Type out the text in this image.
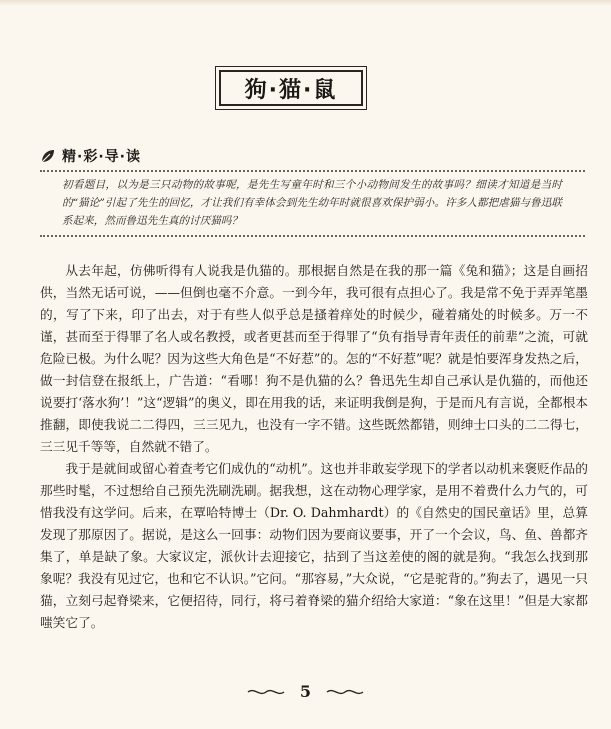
狗·猫·鼠
精·彩·导·读
初看题目，以为是三只动物的故事呢，是先生写童年时和三个小动物间发生的故事吗？细读才知道是当时的“猫论”引起了先生的回忆，才让我们有幸体会到先生幼年时就很喜欢保护弱小。许多人都把虐猫与鲁迅联系起来，然而鲁迅先生真的讨厌猫吗？

从去年起，仿佛听得有人说我是仇猫的。那根据自然是在我的那一篇《兔和猫》；这是自画招供，当然无话可说，——但倒也毫不介意。一到今年，我可很有点担心了。我是常不免于弄弄笔墨的，写了下来，印了出去，对于有些人似乎总是搔着痒处的时候少，碰着痛处的时候多。万一不谨，甚而至于得罪了名人或名教授，或者更甚而至于得罪了“负有指导青年责任的前辈”之流，可就危险已极。为什么呢？因为这些大角色是“不好惹”的。怎的“不好惹”呢？就是怕要浑身发热之后，做一封信登在报纸上，广告道：“看哪！狗不是仇猫的么？鲁迅先生却自己承认是仇猫的，而他还说要打‘落水狗’！”这“逻辑”的奥义，即在用我的话，来证明我倒是狗，于是而凡有言说，全都根本推翻，即使我说二二得四，三三见九，也没有一字不错。这些既然都错，则绅士口头的二二得七，三三见千等等，自然就不错了。

我于是就间或留心着查考它们成仇的“动机”。这也并非敢妄学现下的学者以动机来褒贬作品的那些时髦，不过想给自己预先洗刷洗刷。据我想，这在动物心理学家，是用不着费什么力气的，可惜我没有这学问。后来，在覃哈特博士（Dr. O. Dahmhardt）的《自然史的国民童话》里，总算发现了那原因了。据说，是这么一回事：动物们因为要商议要事，开了一个会议，鸟、鱼、兽都齐集了，单是缺了象。大家议定，派伙计去迎接它，拈到了当这差使的阁的就是狗。“我怎么找到那象呢？我没有见过它，也和它不认识。”它问。“那容易，”大众说，“它是驼背的。”狗去了，遇见一只猫，立刻弓起脊梁来，它便招待，同行，将弓着脊梁的猫介绍给大家道：“象在这里！”但是大家都嗤笑它了。

5
